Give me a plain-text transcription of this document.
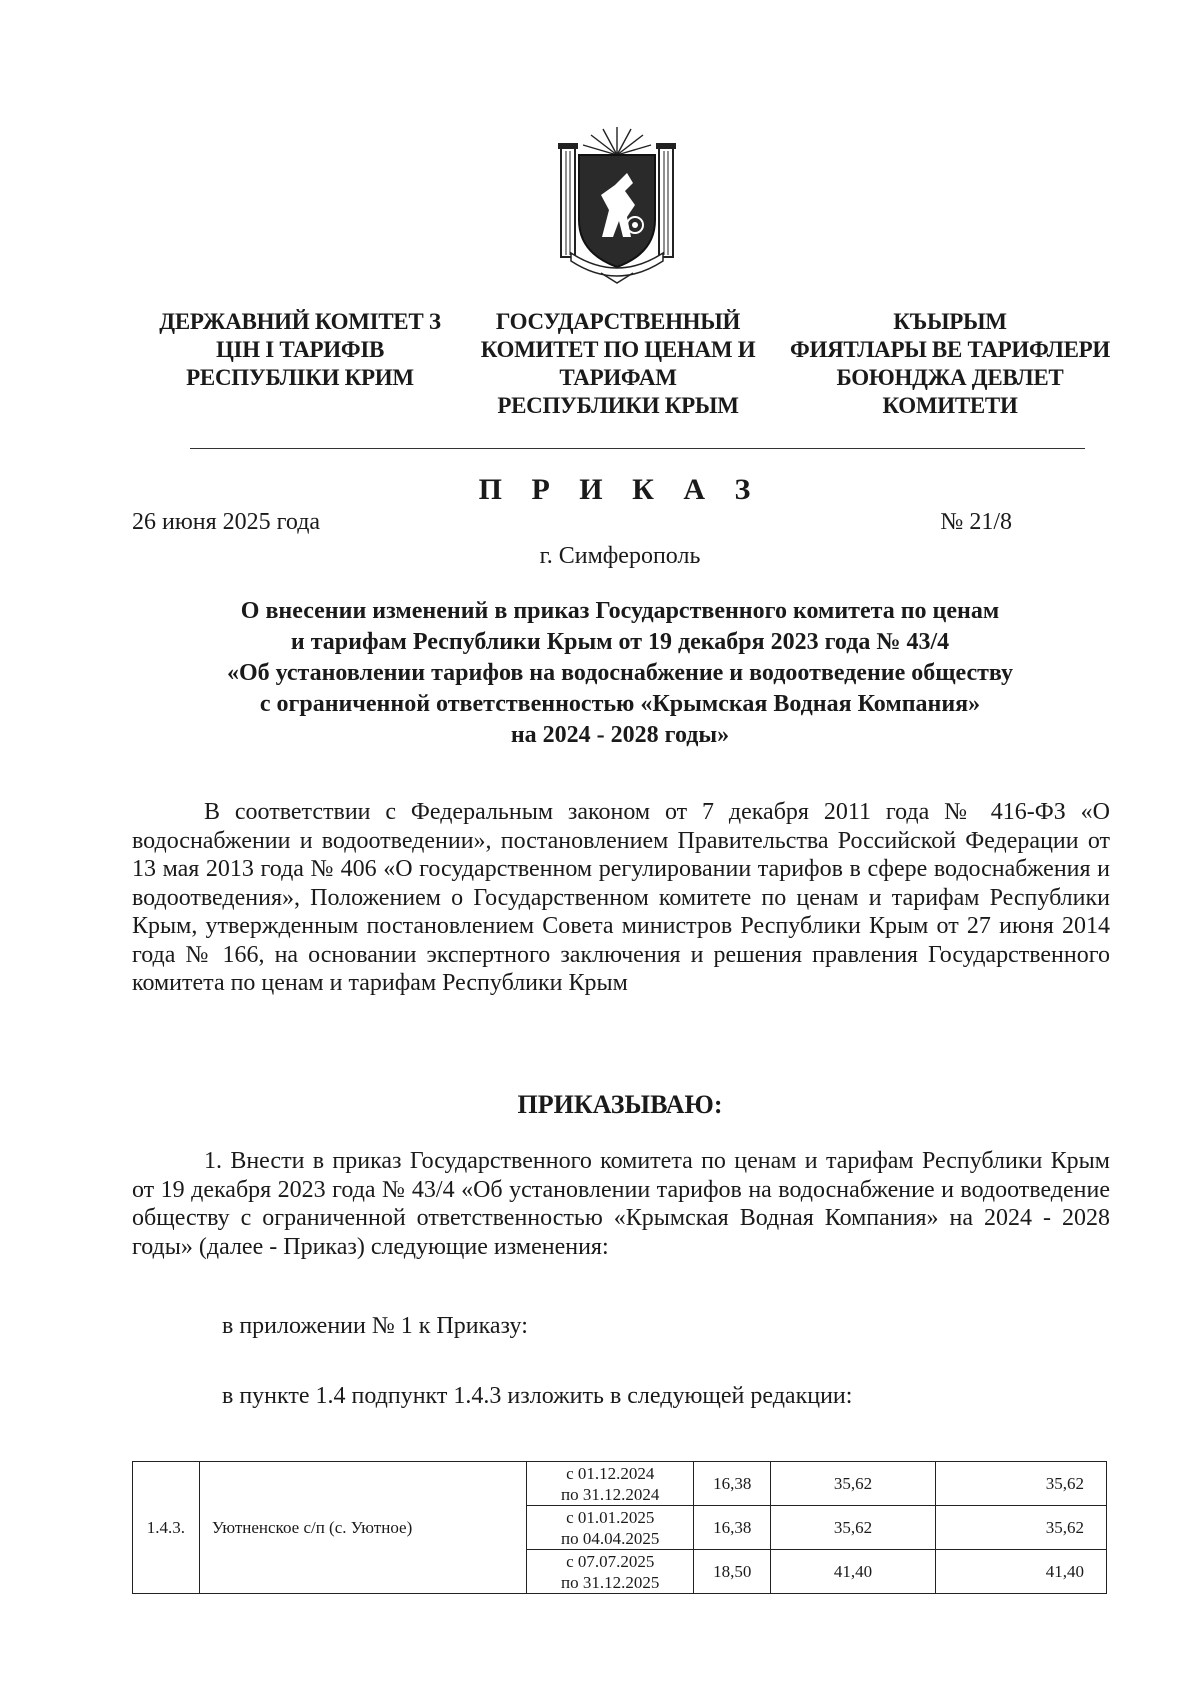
ДЕРЖАВНИЙ КОМІТЕТ З
ЦІН І ТАРИФІВ
РЕСПУБЛІКИ КРИМ
ГОСУДАРСТВЕННЫЙ
КОМИТЕТ ПО ЦЕНАМ И
ТАРИФАМ
РЕСПУБЛИКИ КРЫМ
КЪЫРЫМ
ФИЯТЛАРЫ ВЕ ТАРИФЛЕРИ
БОЮНДЖА ДЕВЛЕТ
КОМИТЕТИ
П Р И К А З
26 июня 2025 года	№ 21/8
г. Симферополь
О внесении изменений в приказ Государственного комитета по ценам
и тарифам Республики Крым от 19 декабря 2023 года № 43/4
«Об установлении тарифов на водоснабжение и водоотведение обществу
с ограниченной ответственностью «Крымская Водная Компания»
на 2024 - 2028 годы»
В соответствии с Федеральным законом от 7 декабря 2011 года № 416-ФЗ «О водоснабжении и водоотведении», постановлением Правительства Российской Федерации от 13 мая 2013 года № 406 «О государственном регулировании тарифов в сфере водоснабжения и водоотведения», Положением о Государственном комитете по ценам и тарифам Республики Крым, утвержденным постановлением Совета министров Республики Крым от 27 июня 2014 года № 166, на основании экспертного заключения и решения правления Государственного комитета по ценам и тарифам Республики Крым
ПРИКАЗЫВАЮ:
1. Внести в приказ Государственного комитета по ценам и тарифам Республики Крым от 19 декабря 2023 года № 43/4 «Об установлении тарифов на водоснабжение и водоотведение обществу с ограниченной ответственностью «Крымская Водная Компания» на 2024 - 2028 годы» (далее - Приказ) следующие изменения:
в приложении № 1 к Приказу:
в пункте 1.4 подпункт 1.4.3 изложить в следующей редакции:
1.4.3.	Уютненское с/п (с. Уютное)	с 01.12.2024
по 31.12.2024	16,38	35,62	35,62

		с 01.01.2025
по 04.04.2025	16,38	35,62	35,62

		с 07.07.2025
по 31.12.2025	18,50	41,40	41,40
